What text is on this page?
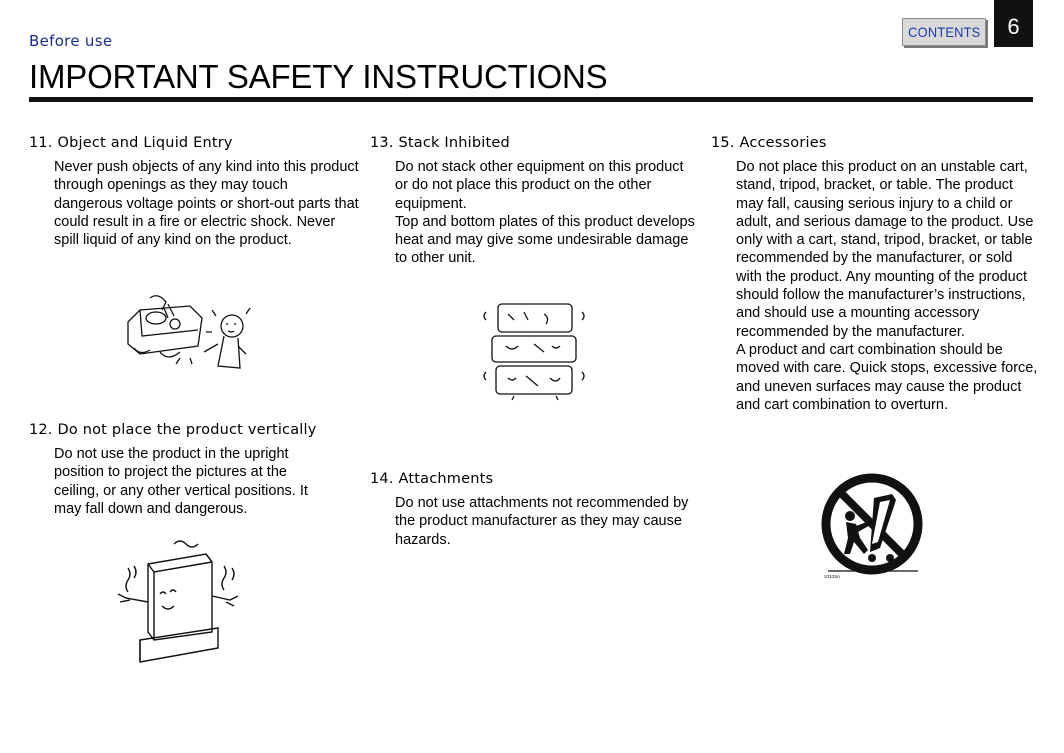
Before use	CONTENTS	6
IMPORTANT SAFETY INSTRUCTIONS
11. Object and Liquid Entry

Never push objects of any kind into this product through openings as they may touch dangerous voltage points or short-out parts that could result in a fire or electric shock. Never spill liquid of any kind on the product.

12. Do not place the product vertically

Do not use the product in the upright position to project the pictures at the ceiling, or any other vertical positions. It may fall down and dangerous.

13. Stack Inhibited

Do not stack other equipment on this product or do not place this product on the other equipment.
Top and bottom plates of this product develops heat and may give some undesirable damage to other unit.

14. Attachments

Do not use attachments not recommended by the product manufacturer as they may cause hazards.

15. Accessories

Do not place this product on an unstable cart, stand, tripod, bracket, or table. The product may fall, causing serious injury to a child or adult, and serious damage to the product. Use only with a cart, stand, tripod, bracket, or table recommended by the manufacturer, or sold with the product. Any mounting of the product should follow the manufacturer’s instructions, and should use a mounting accessory recommended by the manufacturer.
A product and cart combination should be moved with care. Quick stops, excessive force, and uneven surfaces may cause the product and cart combination to overturn.

S3125A
